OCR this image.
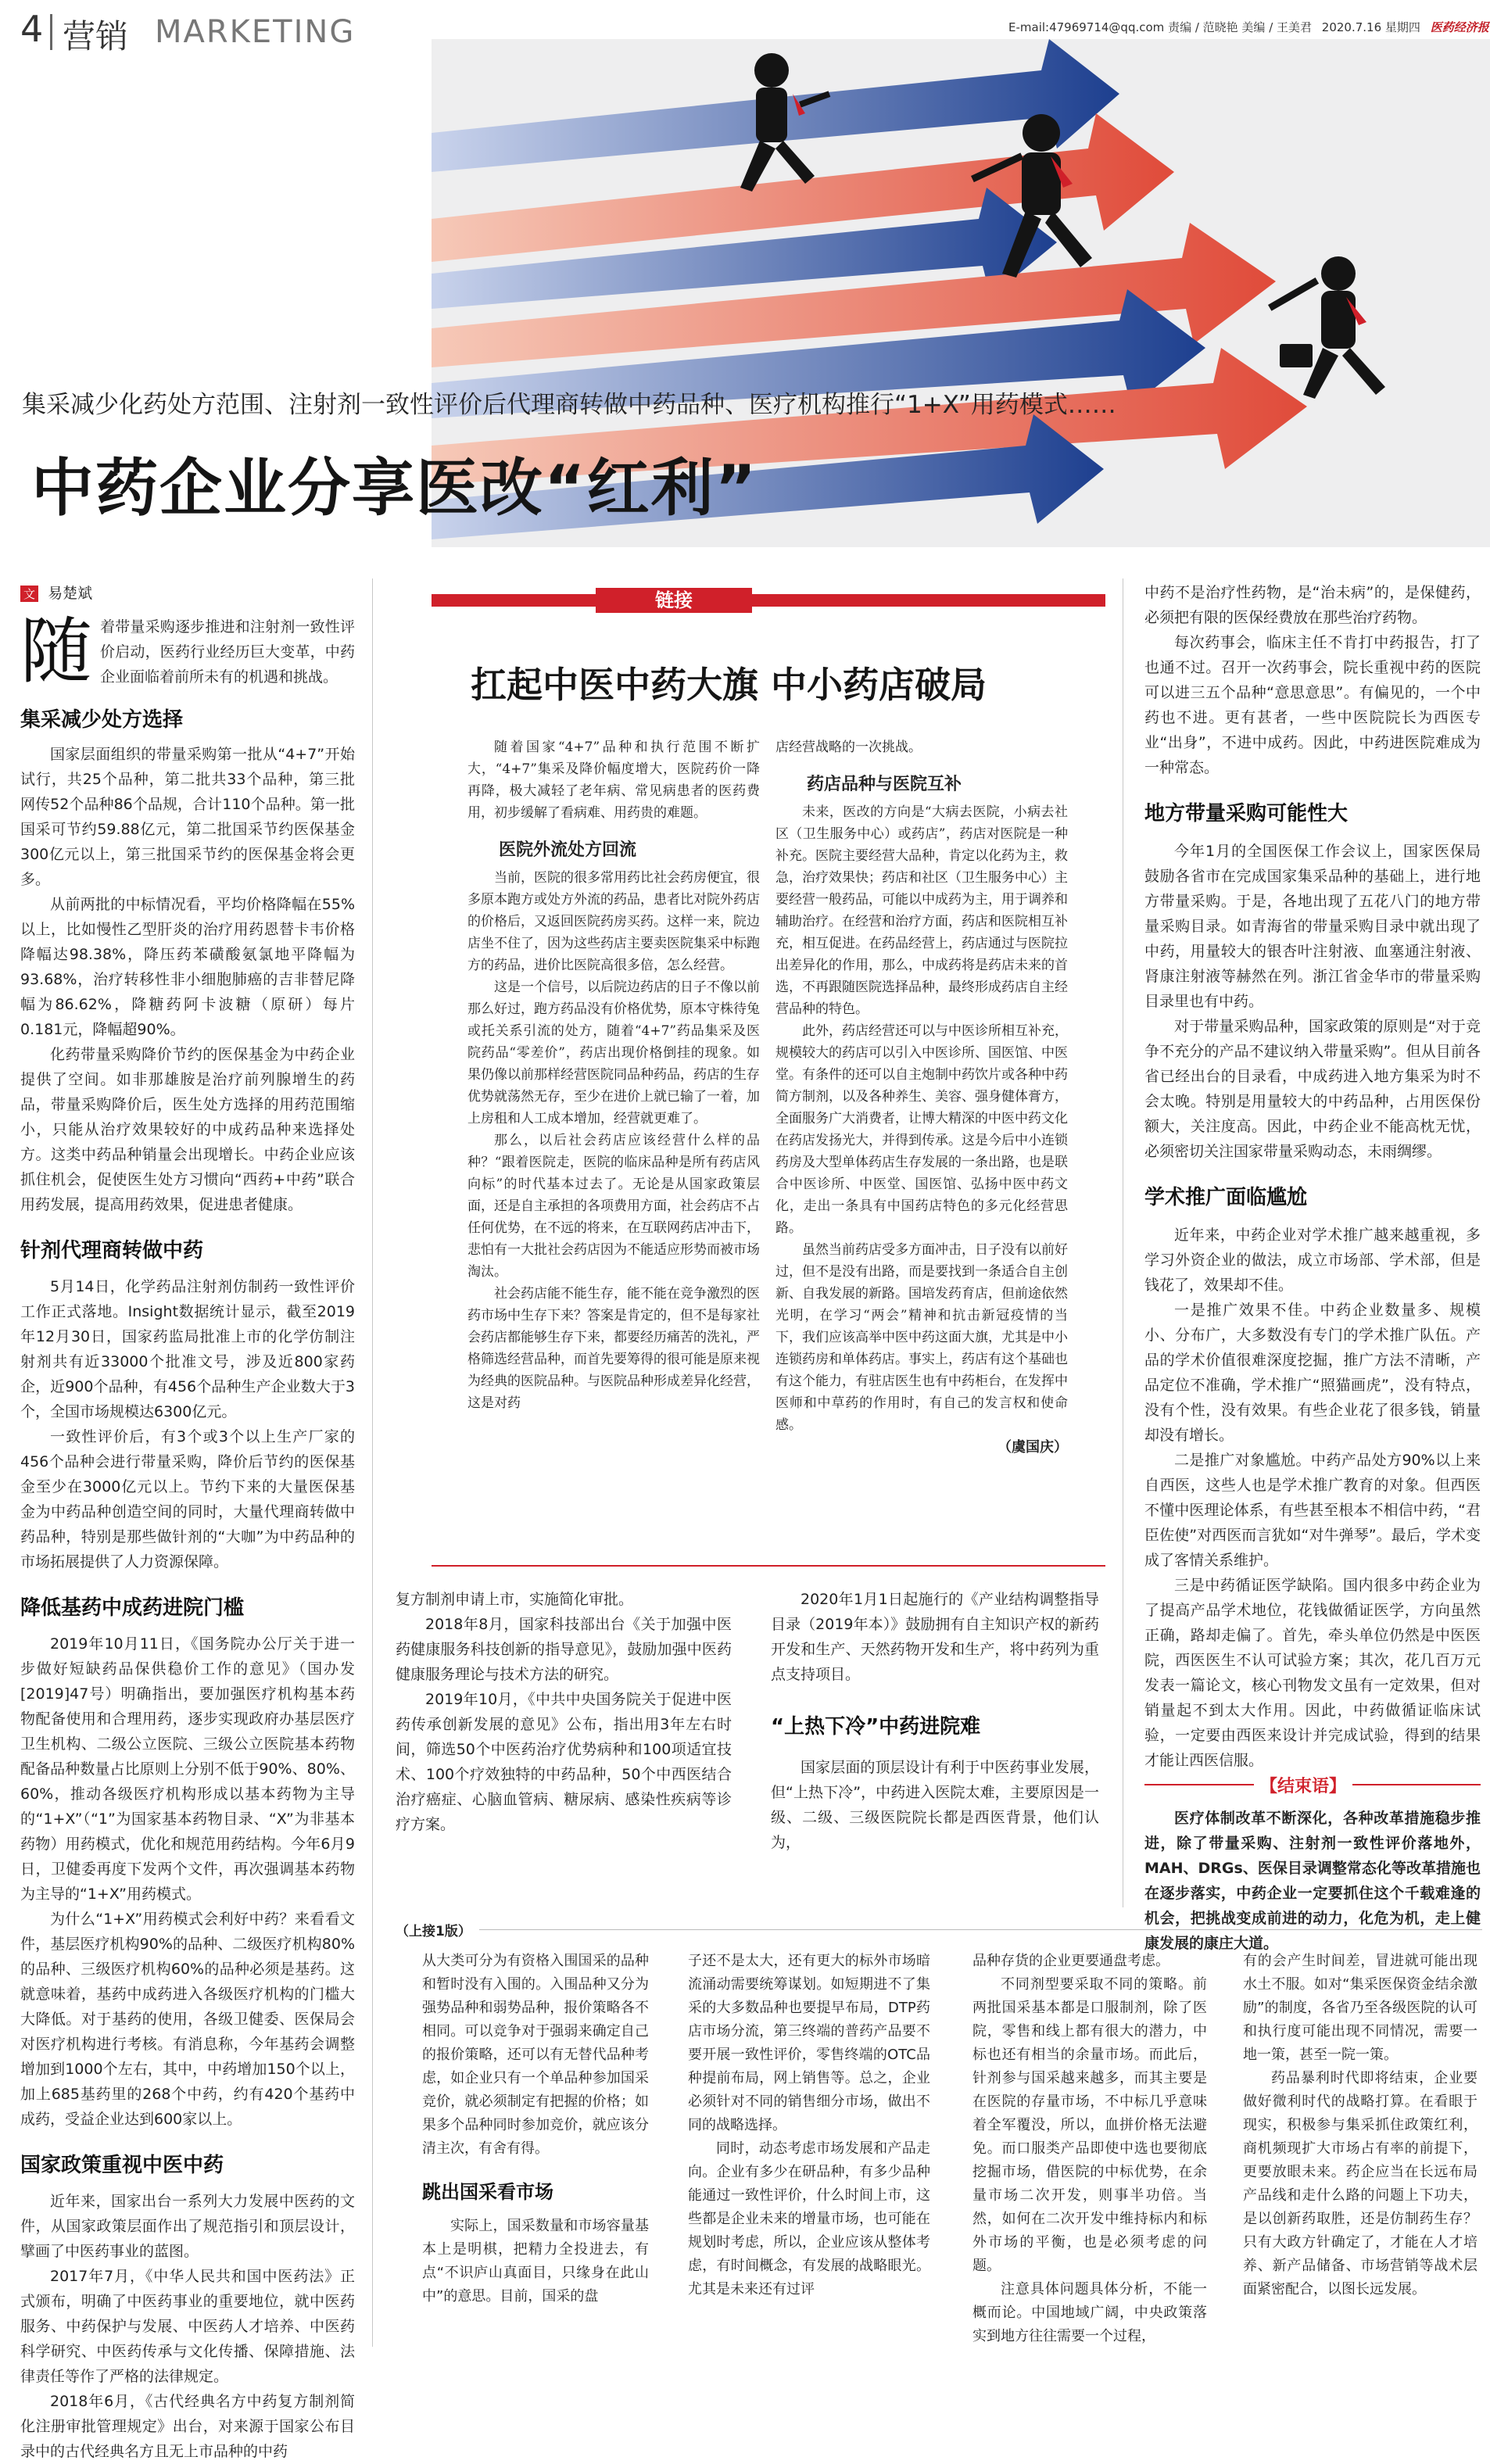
4 营销 MARKETING	E-mail:47969714@qq.com 责编 / 范晓艳 美编 / 王美君 2020.7.16 星期四 医药经济报
集采减少化药处方范围、注射剂一致性评价后代理商转做中药品种、医疗机构推行“1+X”用药模式……
中药企业分享医改“红利”
文 易楚斌
随 着带量采购逐步推进和注射剂一致性评价启动，医药行业经历巨大变革，中药企业面临着前所未有的机遇和挑战。

集采减少处方选择

国家层面组织的带量采购第一批从“4+7”开始试行，共25个品种，第二批共33个品种，第三批网传52个品种86个品规，合计110个品种。第一批国采可节约59.88亿元，第二批国采节约医保基金300亿元以上，第三批国采节约的医保基金将会更多。

从前两批的中标情况看，平均价格降幅在55%以上，比如慢性乙型肝炎的治疗用药恩替卡韦价格降幅达98.38%，降压药苯磺酸氨氯地平降幅为93.68%，治疗转移性非小细胞肺癌的吉非替尼降幅为86.62%，降糖药阿卡波糖（原研）每片0.181元，降幅超90%。

化药带量采购降价节约的医保基金为中药企业提供了空间。如非那雄胺是治疗前列腺增生的药品，带量采购降价后，医生处方选择的用药范围缩小，只能从治疗效果较好的中成药品种来选择处方。这类中药品种销量会出现增长。中药企业应该抓住机会，促使医生处方习惯向“西药+中药”联合用药发展，提高用药效果，促进患者健康。

针剂代理商转做中药

5月14日，化学药品注射剂仿制药一致性评价工作正式落地。Insight数据统计显示，截至2019年12月30日，国家药监局批准上市的化学仿制注射剂共有近33000个批准文号，涉及近800家药企，近900个品种，有456个品种生产企业数大于3个，全国市场规模达6300亿元。

一致性评价后，有3个或3个以上生产厂家的456个品种会进行带量采购，降价后节约的医保基金至少在3000亿元以上。节约下来的大量医保基金为中药品种创造空间的同时，大量代理商转做中药品种，特别是那些做针剂的“大咖”为中药品种的市场拓展提供了人力资源保障。

降低基药中成药进院门槛

2019年10月11日，《国务院办公厅关于进一步做好短缺药品保供稳价工作的意见》（国办发[2019]47号）明确指出，要加强医疗机构基本药物配备使用和合理用药，逐步实现政府办基层医疗卫生机构、二级公立医院、三级公立医院基本药物配备品种数量占比原则上分别不低于90%、80%、60%，推动各级医疗机构形成以基本药物为主导的“1+X”（“1”为国家基本药物目录、“X”为非基本药物）用药模式，优化和规范用药结构。今年6月9日，卫健委再度下发两个文件，再次强调基本药物为主导的“1+X”用药模式。

为什么“1+X”用药模式会利好中药？来看看文件，基层医疗机构90%的品种、二级医疗机构80%的品种、三级医疗机构60%的品种必须是基药。这就意味着，基药中成药进入各级医疗机构的门槛大大降低。对于基药的使用，各级卫健委、医保局会对医疗机构进行考核。有消息称，今年基药会调整增加到1000个左右，其中，中药增加150个以上，加上685基药里的268个中药，约有420个基药中成药，受益企业达到600家以上。

国家政策重视中医中药

近年来，国家出台一系列大力发展中医药的文件，从国家政策层面作出了规范指引和顶层设计，擘画了中医药事业的蓝图。

2017年7月，《中华人民共和国中医药法》正式颁布，明确了中医药事业的重要地位，就中医药服务、中药保护与发展、中医药人才培养、中医药科学研究、中医药传承与文化传播、保障措施、法律责任等作了严格的法律规定。

2018年6月，《古代经典名方中药复方制剂简化注册审批管理规定》出台，对来源于国家公布目录中的古代经典名方且无上市品种的中药

链接
扛起中医中药大旗 中小药店破局

随着国家“4+7”品种和执行范围不断扩大，“4+7”集采及降价幅度增大，医院药价一降再降，极大减轻了老年病、常见病患者的医药费用，初步缓解了看病难、用药贵的难题。

医院外流处方回流

当前，医院的很多常用药比社会药房便宜，很多原本跑方或处方外流的药品，患者比对院外药店的价格后，又返回医院药房买药。这样一来，院边店坐不住了，因为这些药店主要卖医院集采中标跑方的药品，进价比医院高很多倍，怎么经营。

这是一个信号，以后院边药店的日子不像以前那么好过，跑方药品没有价格优势，原本守株待兔或托关系引流的处方，随着“4+7”药品集采及医院药品“零差价”，药店出现价格倒挂的现象。如果仍像以前那样经营医院同品种药品，药店的生存优势就荡然无存，至少在进价上就已输了一着，加上房租和人工成本增加，经营就更难了。

那么，以后社会药店应该经营什么样的品种？“跟着医院走，医院的临床品种是所有药店风向标”的时代基本过去了。无论是从国家政策层面，还是自主承担的各项费用方面，社会药店不占任何优势，在不远的将来，在互联网药店冲击下，悲怕有一大批社会药店因为不能适应形势而被市场淘汰。

社会药店能不能生存，能不能在竞争激烈的医药市场中生存下来？答案是肯定的，但不是每家社会药店都能够生存下来，都要经历痛苦的洗礼，严格筛选经营品种，而首先要筹得的很可能是原来视为经典的医院品种。与医院品种形成差异化经营，这是对药

店经营战略的一次挑战。

药店品种与医院互补

未来，医改的方向是“大病去医院，小病去社区（卫生服务中心）或药店”，药店对医院是一种补充。医院主要经营大品种，肯定以化药为主，救急，治疗效果快；药店和社区（卫生服务中心）主要经营一般药品，可能以中成药为主，用于调养和辅助治疗。在经营和治疗方面，药店和医院相互补充，相互促进。在药品经营上，药店通过与医院拉出差异化的作用，那么，中成药将是药店未来的首选，不再跟随医院选择品种，最终形成药店自主经营品种的特色。

此外，药店经营还可以与中医诊所相互补充，规模较大的药店可以引入中医诊所、国医馆、中医堂。有条件的还可以自主炮制中药饮片或各种中药简方制剂，以及各种养生、美容、强身健体膏方，全面服务广大消费者，让博大精深的中医中药文化在药店发扬光大，并得到传承。这是今后中小连锁药房及大型单体药店生存发展的一条出路，也是联合中医诊所、中医堂、国医馆、弘扬中医中药文化，走出一条具有中国药店特色的多元化经营思路。

虽然当前药店受多方面冲击，日子没有以前好过，但不是没有出路，而是要找到一条适合自主创新、自我发展的新路。国培发药育店，但前途依然光明，在学习“两会”精神和抗击新冠疫情的当下，我们应该高举中医中药这面大旗，尤其是中小连锁药房和单体药店。事实上，药店有这个基础也有这个能力，有驻店医生也有中药柜台，在发挥中医师和中草药的作用时，有自己的发言权和使命感。

（虞国庆）

复方制剂申请上市，实施简化审批。

2018年8月，国家科技部出台《关于加强中医药健康服务科技创新的指导意见》，鼓励加强中医药健康服务理论与技术方法的研究。

2019年10月，《中共中央国务院关于促进中医药传承创新发展的意见》公布，指出用3年左右时间，筛选50个中医药治疗优势病种和100项适宜技术、100个疗效独特的中药品种，50个中西医结合治疗癌症、心脑血管病、糖尿病、感染性疾病等诊疗方案。

2020年1月1日起施行的《产业结构调整指导目录（2019年本）》鼓励拥有自主知识产权的新药开发和生产、天然药物开发和生产，将中药列为重点支持项目。

“上热下冷”中药进院难

国家层面的顶层设计有利于中医药事业发展，但“上热下冷”，中药进入医院太难，主要原因是一级、二级、三级医院院长都是西医背景，他们认为，

中药不是治疗性药物，是“治未病”的，是保健药，必须把有限的医保经费放在那些治疗药物。

每次药事会，临床主任不肯打中药报告，打了也通不过。召开一次药事会，院长重视中药的医院可以进三五个品种“意思意思”。有偏见的，一个中药也不进。更有甚者，一些中医院院长为西医专业“出身”，不进中成药。因此，中药进医院难成为一种常态。

地方带量采购可能性大

今年1月的全国医保工作会议上，国家医保局鼓励各省市在完成国家集采品种的基础上，进行地方带量采购。于是，各地出现了五花八门的地方带量采购目录。如青海省的带量采购目录中就出现了中药，用量较大的银杏叶注射液、血塞通注射液、肾康注射液等赫然在列。浙江省金华市的带量采购目录里也有中药。

对于带量采购品种，国家政策的原则是“对于竞争不充分的产品不建议纳入带量采购”。但从目前各省已经出台的目录看，中成药进入地方集采为时不会太晚。特别是用量较大的中药品种，占用医保份额大，关注度高。因此，中药企业不能高枕无忧，必须密切关注国家带量采购动态，未雨绸缪。

学术推广面临尴尬

近年来，中药企业对学术推广越来越重视，多学习外资企业的做法，成立市场部、学术部，但是钱花了，效果却不佳。

一是推广效果不佳。中药企业数量多、规模小、分布广，大多数没有专门的学术推广队伍。产品的学术价值很难深度挖掘，推广方法不清晰，产品定位不准确，学术推广“照猫画虎”，没有特点，没有个性，没有效果。有些企业花了很多钱，销量却没有增长。

二是推广对象尴尬。中药产品处方90%以上来自西医，这些人也是学术推广教育的对象。但西医不懂中医理论体系，有些甚至根本不相信中药，“君臣佐使”对西医而言犹如“对牛弹琴”。最后，学术变成了客情关系维护。

三是中药循证医学缺陷。国内很多中药企业为了提高产品学术地位，花钱做循证医学，方向虽然正确，路却走偏了。首先，牵头单位仍然是中医医院，西医医生不认可试验方案；其次，花几百万元发表一篇论文，核心刊物发文虽有一定效果，但对销量起不到太大作用。因此，中药做循证临床试验，一定要由西医来设计并完成试验，得到的结果才能让西医信服。

【结束语】

医疗体制改革不断深化，各种改革措施稳步推进，除了带量采购、注射剂一致性评价落地外，MAH、DRGs、医保目录调整常态化等改革措施也在逐步落实，中药企业一定要抓住这个千载难逢的机会，把挑战变成前进的动力，化危为机，走上健康发展的康庄大道。

（上接1版）

从大类可分为有资格入围国采的品种和暂时没有入围的。入围品种又分为强势品种和弱势品种，报价策略各不相同。可以竞争对于强弱来确定自己的报价策略，还可以有无替代品种考虑，如企业只有一个单品种参加国采竞价，就必须制定有把握的价格；如果多个品种同时参加竞价，就应该分清主次，有舍有得。

跳出国采看市场

实际上，国采数量和市场容量基本上是明棋，把精力全投进去，有点“不识庐山真面目，只缘身在此山中”的意思。目前，国采的盘

子还不是太大，还有更大的标外市场暗流涌动需要统筹谋划。如短期进不了集采的大多数品种也要提早布局，DTP药店市场分流，第三终端的普药产品要不要开展一致性评价，零售终端的OTC品种提前布局，网上销售等。总之，企业必须针对不同的销售细分市场，做出不同的战略选择。

同时，动态考虑市场发展和产品走向。企业有多少在研品种，有多少品种能通过一致性评价，什么时间上市，这些都是企业未来的增量市场，也可能在规划时考虑，所以，企业应该从整体考虑，有时间概念，有发展的战略眼光。尤其是未来还有过评

品种存货的企业更要通盘考虑。

不同剂型要采取不同的策略。前两批国采基本都是口服制剂，除了医院，零售和线上都有很大的潜力，中标也还有相当的余量市场。而此后，针剂参与国采越来越多，而其主要是在医院的存量市场，不中标几乎意味着全军覆没，所以，血拼价格无法避免。而口服类产品即使中选也要彻底挖掘市场，借医院的中标优势，在余量市场二次开发，则事半功倍。当然，如何在二次开发中维持标内和标外市场的平衡，也是必须考虑的问题。

注意具体问题具体分析，不能一概而论。中国地域广阔，中央政策落实到地方往往需要一个过程，

有的会产生时间差，冒进就可能出现水土不服。如对“集采医保资金结余激励”的制度，各省乃至各级医院的认可和执行度可能出现不同情况，需要一地一策，甚至一院一策。

药品暴利时代即将结束，企业要做好微利时代的战略打算。在看眼于现实，积极参与集采抓住政策红利，商机频现扩大市场占有率的前提下，更要放眼未来。药企应当在长远布局产品线和走什么路的问题上下功夫，是以创新药取胜，还是仿制药生存？只有大政方针确定了，才能在人才培养、新产品储备、市场营销等战术层面紧密配合，以图长远发展。
